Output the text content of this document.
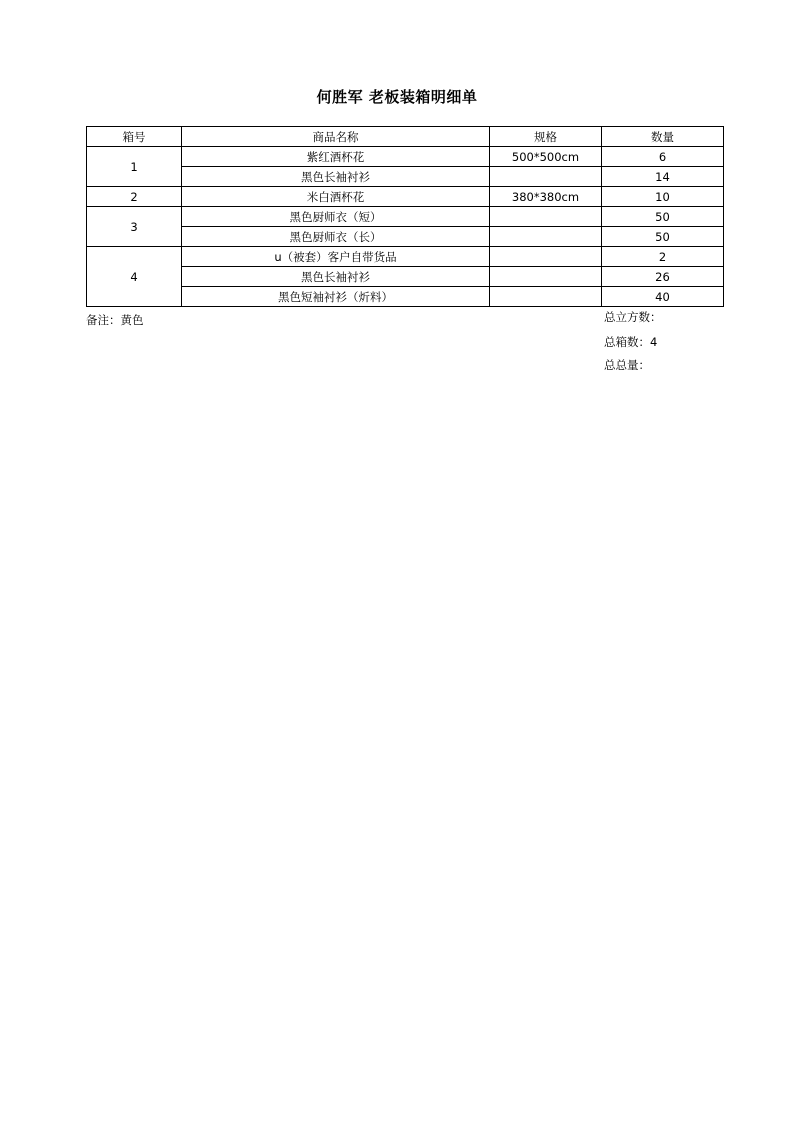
何胜军 老板装箱明细单
箱号	商品名称	规格	数量
1	紫红酒杯花	500*500cm	6
	黑色长袖衬衫		14
2	米白酒杯花	380*380cm	10
3	黑色厨师衣（短）		50
	黑色厨师衣（长）		50
4	u（被套）客户自带货品		2
	黑色长袖衬衫		26
	黑色短袖衬衫（炘料）		40
备注：黄色	总立方数：
总箱数：4
总总量：
